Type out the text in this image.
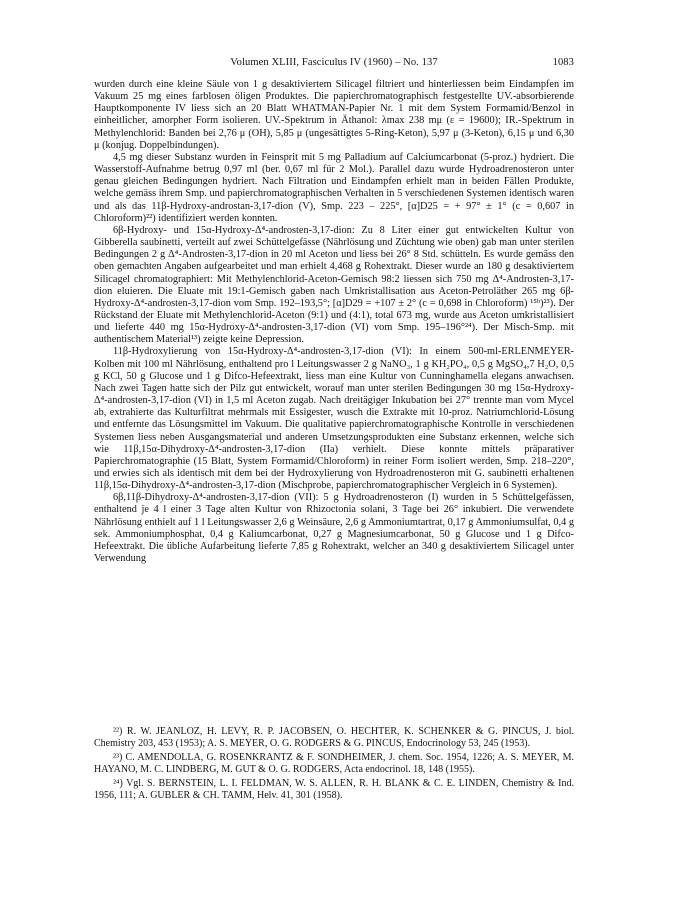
Volumen XLIII, Fasciculus IV (1960) – No. 137	1083

wurden durch eine kleine Säule von 1 g desaktiviertem Silicagel filtriert und hinterliessen beim Eindampfen im Vakuum 25 mg eines farblosen öligen Produktes. Die papierchromatographisch festgestellte UV.-absorbierende Hauptkomponente IV liess sich an 20 Blatt WHATMAN-Papier Nr. 1 mit dem System Formamid/Benzol in einheitlicher, amorpher Form isolieren. UV.-Spektrum in Äthanol: λmax 238 mμ (ε = 19600); IR.-Spektrum in Methylenchlorid: Banden bei 2,76 μ (OH), 5,85 μ (ungesättigtes 5-Ring-Keton), 5,97 μ (3-Keton), 6,15 μ und 6,30 μ (konjug. Doppelbindungen).

4,5 mg dieser Substanz wurden in Feinsprit mit 5 mg Palladium auf Calciumcarbonat (5-proz.) hydriert. Die Wasserstoff-Aufnahme betrug 0,97 ml (ber. 0,67 ml für 2 Mol.). Parallel dazu wurde Hydroadrenosteron unter genau gleichen Bedingungen hydriert. Nach Filtration und Eindampfen erhielt man in beiden Fällen Produkte, welche gemäss ihrem Smp. und papierchromatographischen Verhalten in 5 verschiedenen Systemen identisch waren und als das 11β-Hydroxy-androstan-3,17-dion (V), Smp. 223 – 225°, [α]D25 = + 97° ± 1° (c = 0,607 in Chloroform)²²) identifiziert werden konnten.

6β-Hydroxy- und 15α-Hydroxy-Δ⁴-androsten-3,17-dion: Zu 8 Liter einer gut entwickelten Kultur von Gibberella saubinetti, verteilt auf zwei Schüttelgefässe (Nährlösung und Züchtung wie oben) gab man unter sterilen Bedingungen 2 g Δ⁴-Androsten-3,17-dion in 20 ml Aceton und liess bei 26° 8 Std. schütteln. Es wurde gemäss den oben gemachten Angaben aufgearbeitet und man erhielt 4,468 g Rohextrakt. Dieser wurde an 180 g desaktiviertem Silicagel chromatographiert: Mit Methylenchlorid-Aceton-Gemisch 98:2 liessen sich 750 mg Δ⁴-Androsten-3,17-dion eluieren. Die Eluate mit 19:1-Gemisch gaben nach Umkristallisation aus Aceton-Petroläther 265 mg 6β-Hydroxy-Δ⁴-androsten-3,17-dion vom Smp. 192–193,5°; [α]D29 = +107 ± 2° (c = 0,698 in Chloroform) ¹⁵ᵇ)²³). Der Rückstand der Eluate mit Methylenchlorid-Aceton (9:1) und (4:1), total 673 mg, wurde aus Aceton umkristallisiert und lieferte 440 mg 15α-Hydroxy-Δ⁴-androsten-3,17-dion (VI) vom Smp. 195–196°²⁴). Der Misch-Smp. mit authentischem Material¹³) zeigte keine Depression.

11β-Hydroxylierung von 15α-Hydroxy-Δ⁴-androsten-3,17-dion (VI): In einem 500-ml-ERLENMEYER-Kolben mit 100 ml Nährlösung, enthaltend pro l Leitungswasser 2 g NaNO₃, 1 g KH₂PO₄, 0,5 g MgSO₄,7 H₂O, 0,5 g KCl, 50 g Glucose und 1 g Difco-Hefeextrakt, liess man eine Kultur von Cunninghamella elegans anwachsen. Nach zwei Tagen hatte sich der Pilz gut entwickelt, worauf man unter sterilen Bedingungen 30 mg 15α-Hydroxy-Δ⁴-androsten-3,17-dion (VI) in 1,5 ml Aceton zugab. Nach dreitägiger Inkubation bei 27° trennte man vom Mycel ab, extrahierte das Kulturfiltrat mehrmals mit Essigester, wusch die Extrakte mit 10-proz. Natriumchlorid-Lösung und entfernte das Lösungsmittel im Vakuum. Die qualitative papierchromatographische Kontrolle in verschiedenen Systemen liess neben Ausgangsmaterial und anderen Umsetzungsprodukten eine Substanz erkennen, welche sich wie 11β,15α-Dihydroxy-Δ⁴-androsten-3,17-dion (IIa) verhielt. Diese konnte mittels präparativer Papierchromatographie (15 Blatt, System Formamid/Chloroform) in reiner Form isoliert werden, Smp. 218–220°, und erwies sich als identisch mit dem bei der Hydroxylierung von Hydroadrenosteron mit G. saubinetti erhaltenen 11β,15α-Dihydroxy-Δ⁴-androsten-3,17-dion (Mischprobe, papierchromatographischer Vergleich in 6 Systemen).

6β,11β-Dihydroxy-Δ⁴-androsten-3,17-dion (VII): 5 g Hydroadrenosteron (I) wurden in 5 Schüttelgefässen, enthaltend je 4 l einer 3 Tage alten Kultur von Rhizoctonia solani, 3 Tage bei 26° inkubiert. Die verwendete Nährlösung enthielt auf 1 l Leitungswasser 2,6 g Weinsäure, 2,6 g Ammoniumtartrat, 0,17 g Ammoniumsulfat, 0,4 g sek. Ammoniumphosphat, 0,4 g Kaliumcarbonat, 0,27 g Magnesiumcarbonat, 50 g Glucose und 1 g Difco-Hefeextrakt. Die übliche Aufarbeitung lieferte 7,85 g Rohextrakt, welcher an 340 g desaktiviertem Silicagel unter Verwendung

²²) R. W. JEANLOZ, H. LEVY, R. P. JACOBSEN, O. HECHTER, K. SCHENKER & G. PINCUS, J. biol. Chemistry 203, 453 (1953); A. S. MEYER, O. G. RODGERS & G. PINCUS, Endocrinology 53, 245 (1953).

²³) C. AMENDOLLA, G. ROSENKRANTZ & F. SONDHEIMER, J. chem. Soc. 1954, 1226; A. S. MEYER, M. HAYANO, M. C. LINDBERG, M. GUT & O. G. RODGERS, Acta endocrinol. 18, 148 (1955).

²⁴) Vgl. S. BERNSTEIN, L. I. FELDMAN, W. S. ALLEN, R. H. BLANK & C. E. LINDEN, Chemistry & Ind. 1956, 111; A. GUBLER & CH. TAMM, Helv. 41, 301 (1958).
